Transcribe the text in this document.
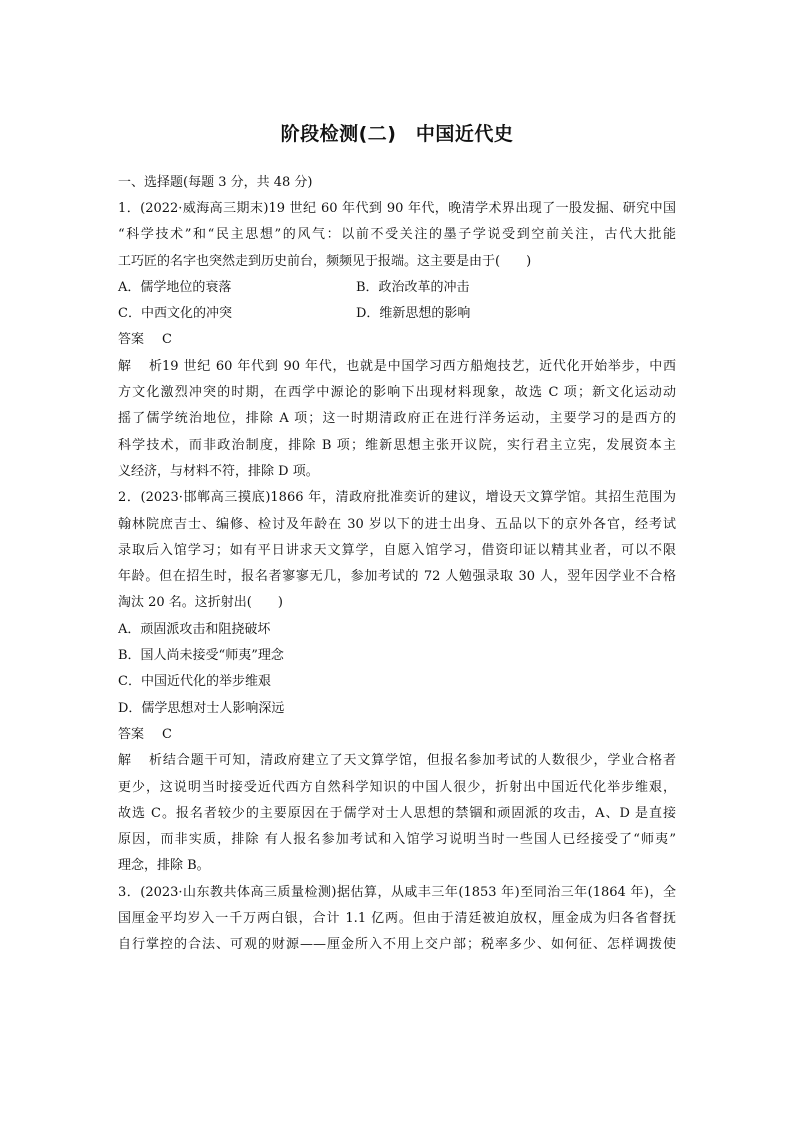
阶段检测(二)　中国近代史
一、选择题(每题 3 分，共 48 分)
1．(2022·威海高三期末)19 世纪 60 年代到 90 年代，晚清学术界出现了一股发掘、研究中国
“科学技术”和“民主思想”的风气：以前不受关注的墨子学说受到空前关注，古代大批能
工巧匠的名字也突然走到历史前台，频频见于报端。这主要是由于(　　)
A．儒学地位的衰落	B．政治改革的冲击
C．中西文化的冲突	D．维新思想的影响
答案 C
解析19 世纪 60 年代到 90 年代，也就是中国学习西方船炮技艺，近代化开始举步，中西
方文化激烈冲突的时期，在西学中源论的影响下出现材料现象，故选 C 项；新文化运动动
摇了儒学统治地位，排除 A 项；这一时期清政府正在进行洋务运动，主要学习的是西方的
科学技术，而非政治制度，排除 B 项；维新思想主张开议院，实行君主立宪，发展资本主
义经济，与材料不符，排除 D 项。
2．(2023·邯郸高三摸底)1866 年，清政府批准奕䜣的建议，增设天文算学馆。其招生范围为
翰林院庶吉士、编修、检讨及年龄在 30 岁以下的进士出身、五品以下的京外各官，经考试
录取后入馆学习；如有平日讲求天文算学，自愿入馆学习，借资印证以精其业者，可以不限
年龄。但在招生时，报名者寥寥无几，参加考试的 72 人勉强录取 30 人，翌年因学业不合格
淘汰 20 名。这折射出(　　)
A．顽固派攻击和阻挠破坏
B．国人尚未接受“师夷”理念
C．中国近代化的举步维艰
D．儒学思想对士人影响深远
答案 C
解析结合题干可知，清政府建立了天文算学馆，但报名参加考试的人数很少，学业合格者
更少，这说明当时接受近代西方自然科学知识的中国人很少，折射出中国近代化举步维艰，
故选 C。报名者较少的主要原因在于儒学对士人思想的禁锢和顽固派的攻击，A、D 是直接
原因，而非实质，排除 有人报名参加考试和入馆学习说明当时一些国人已经接受了“师夷”
理念，排除 B。
3．(2023·山东教共体高三质量检测)据估算，从咸丰三年(1853 年)至同治三年(1864 年)，全
国厘金平均岁入一千万两白银，合计 1.1 亿两。但由于清廷被迫放权，厘金成为归各省督抚
自行掌控的合法、可观的财源——厘金所入不用上交户部；税率多少、如何征、怎样调拨使
